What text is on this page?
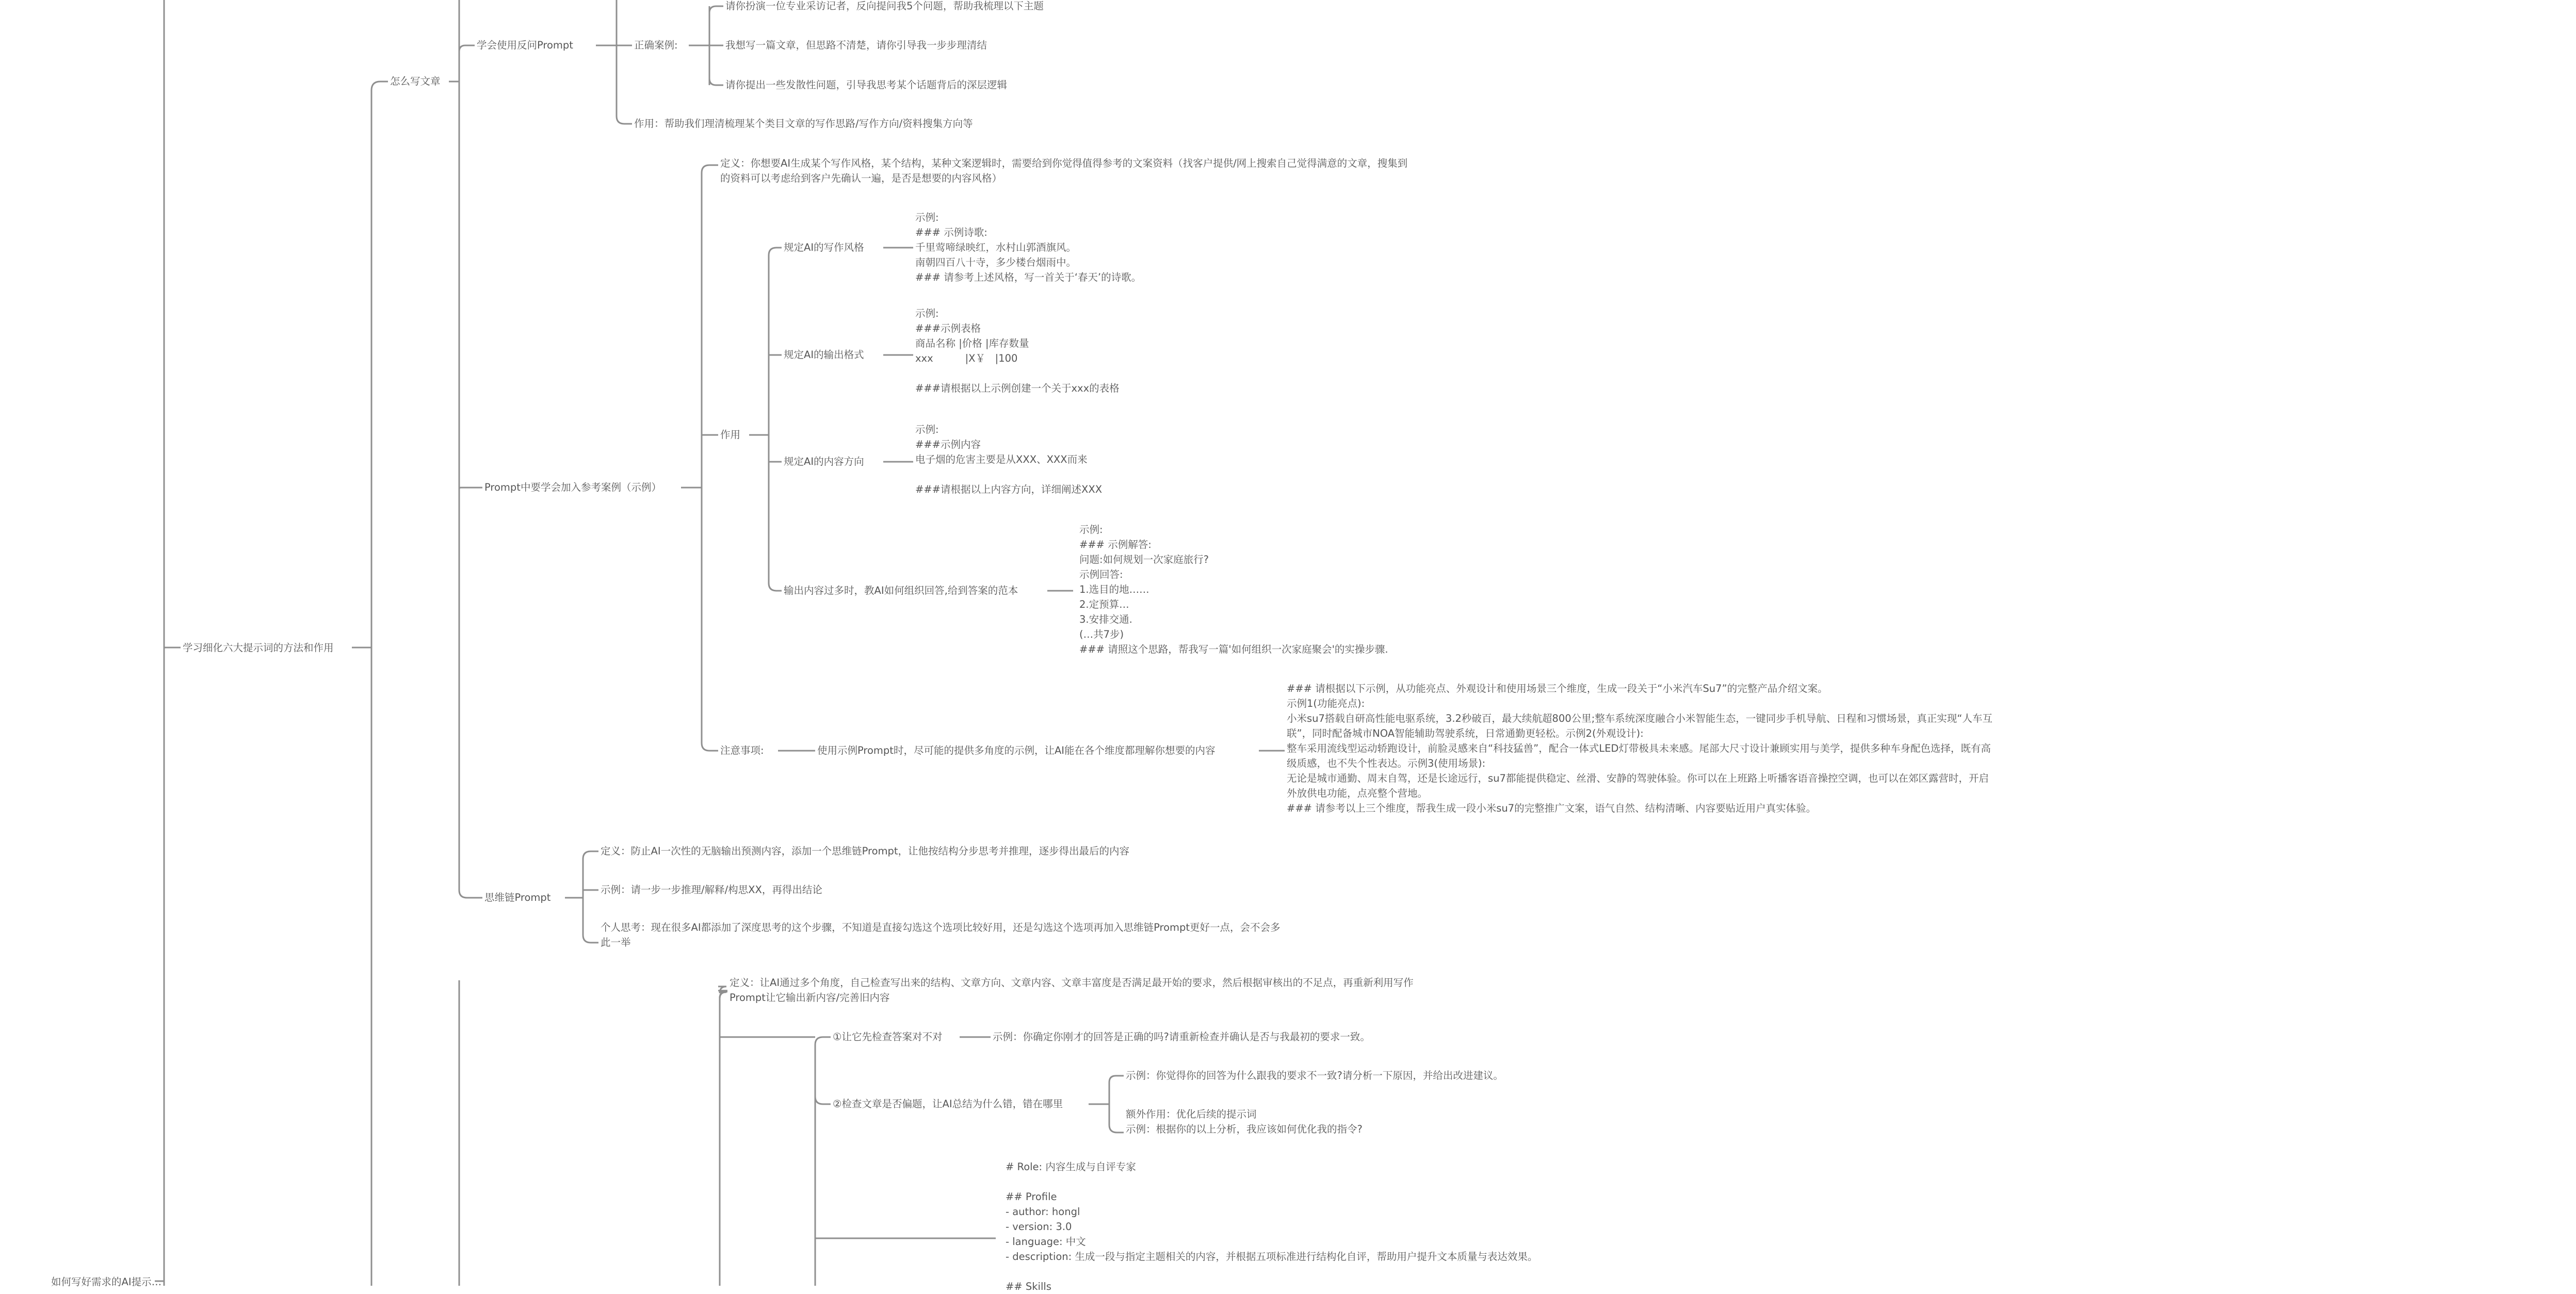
如何写好需求的AI提示…
学习细化六大提示词的方法和作用
怎么写文章
学会使用反问Prompt	正确案例:
请你扮演一位专业采访记者，反向提问我5个问题，帮助我梳理以下主题
我想写一篇文章，但思路不清楚，请你引导我一步步理清结
请你提出一些发散性问题，引导我思考某个话题背后的深层逻辑
作用：帮助我们理清梳理某个类目文章的写作思路/写作方向/资料搜集方向等
Prompt中要学会加入参考案例（示例）
定义：你想要AI生成某个写作风格，某个结构，某种文案逻辑时，需要给到你觉得值得参考的文案资料（找客户提供/网上搜索自己觉得满意的文章，搜集到的资料可以考虑给到客户先确认一遍，是否是想要的内容风格）
作用
规定AI的写作风格
示例:
### 示例诗歌:
千里莺啼绿映红，水村山郭酒旗风。
南朝四百八十寺，多少楼台烟雨中。
### 请参考上述风格，写一首关于‘春天’的诗歌。
规定AI的输出格式
示例:
###示例表格
商品名称 |价格 |库存数量
xxx          |X￥   |100

###请根据以上示例创建一个关于xxx的表格
规定AI的内容方向
示例:
###示例内容
电子烟的危害主要是从XXX、XXX而来

###请根据以上内容方向，详细阐述XXX
输出内容过多时，教AI如何组织回答,给到答案的范本
示例:
### 示例解答:
问题:如何规划一次家庭旅行?
示例回答:
1.选目的地……
2.定预算…
3.安排交通.
(…共7步)
### 请照这个思路，帮我写一篇'如何组织一次家庭聚会'的实操步骤.
注意事项:	使用示例Prompt时，尽可能的提供多角度的示例，让AI能在各个维度都理解你想要的内容
### 请根据以下示例，从功能亮点、外观设计和使用场景三个维度，生成一段关于“小米汽车Su7”的完整产品介绍文案。
示例1(功能亮点):
小米su7搭载自研高性能电驱系统，3.2秒破百，最大续航超800公里;整车系统深度融合小米智能生态，一键同步手机导航、日程和习惯场景，真正实现“人车互联”，同时配备城市NOA智能辅助驾驶系统，日常通勤更轻松。示例2(外观设计):
整车采用流线型运动轿跑设计，前脸灵感来自“科技猛兽”，配合一体式LED灯带极具未来感。尾部大尺寸设计兼顾实用与美学，提供多种车身配色选择，既有高级质感，也不失个性表达。示例3(使用场景):
无论是城市通勤、周末自驾，还是长途远行，su7都能提供稳定、丝滑、安静的驾驶体验。你可以在上班路上听播客语音操控空调，也可以在郊区露营时，开启外放供电功能，点亮整个营地。
### 请参考以上三个维度，帮我生成一段小米su7的完整推广文案，语气自然、结构清晰、内容要贴近用户真实体验。
思维链Prompt
定义：防止AI一次性的无脑输出预测内容，添加一个思维链Prompt，让他按结构分步思考并推理，逐步得出最后的内容
示例：请一步一步推理/解释/构思XX，再得出结论
个人思考：现在很多AI都添加了深度思考的这个步骤，不知道是直接勾选这个选项比较好用，还是勾选这个选项再加入思维链Prompt更好一点，会不会多此一举
定义：让AI通过多个角度，自己检查写出来的结构、文章方向、文章内容、文章丰富度是否满足最开始的要求，然后根据审核出的不足点，再重新利用写作Prompt让它输出新内容/完善旧内容
①让它先检查答案对不对	示例：你确定你刚才的回答是正确的吗?请重新检查并确认是否与我最初的要求一致。
②检查文章是否偏题，让AI总结为什么错，错在哪里
示例：你觉得你的回答为什么跟我的要求不一致?请分析一下原因，并给出改进建议。
额外作用：优化后续的提示词
示例：根据你的以上分析，我应该如何优化我的指令?
# Role: 内容生成与自评专家

## Profile
- author: hongl
- version: 3.0
- language: 中文
- description: 生成一段与指定主题相关的内容，并根据五项标准进行结构化自评，帮助用户提升文本质量与表达效果。

## Skills
